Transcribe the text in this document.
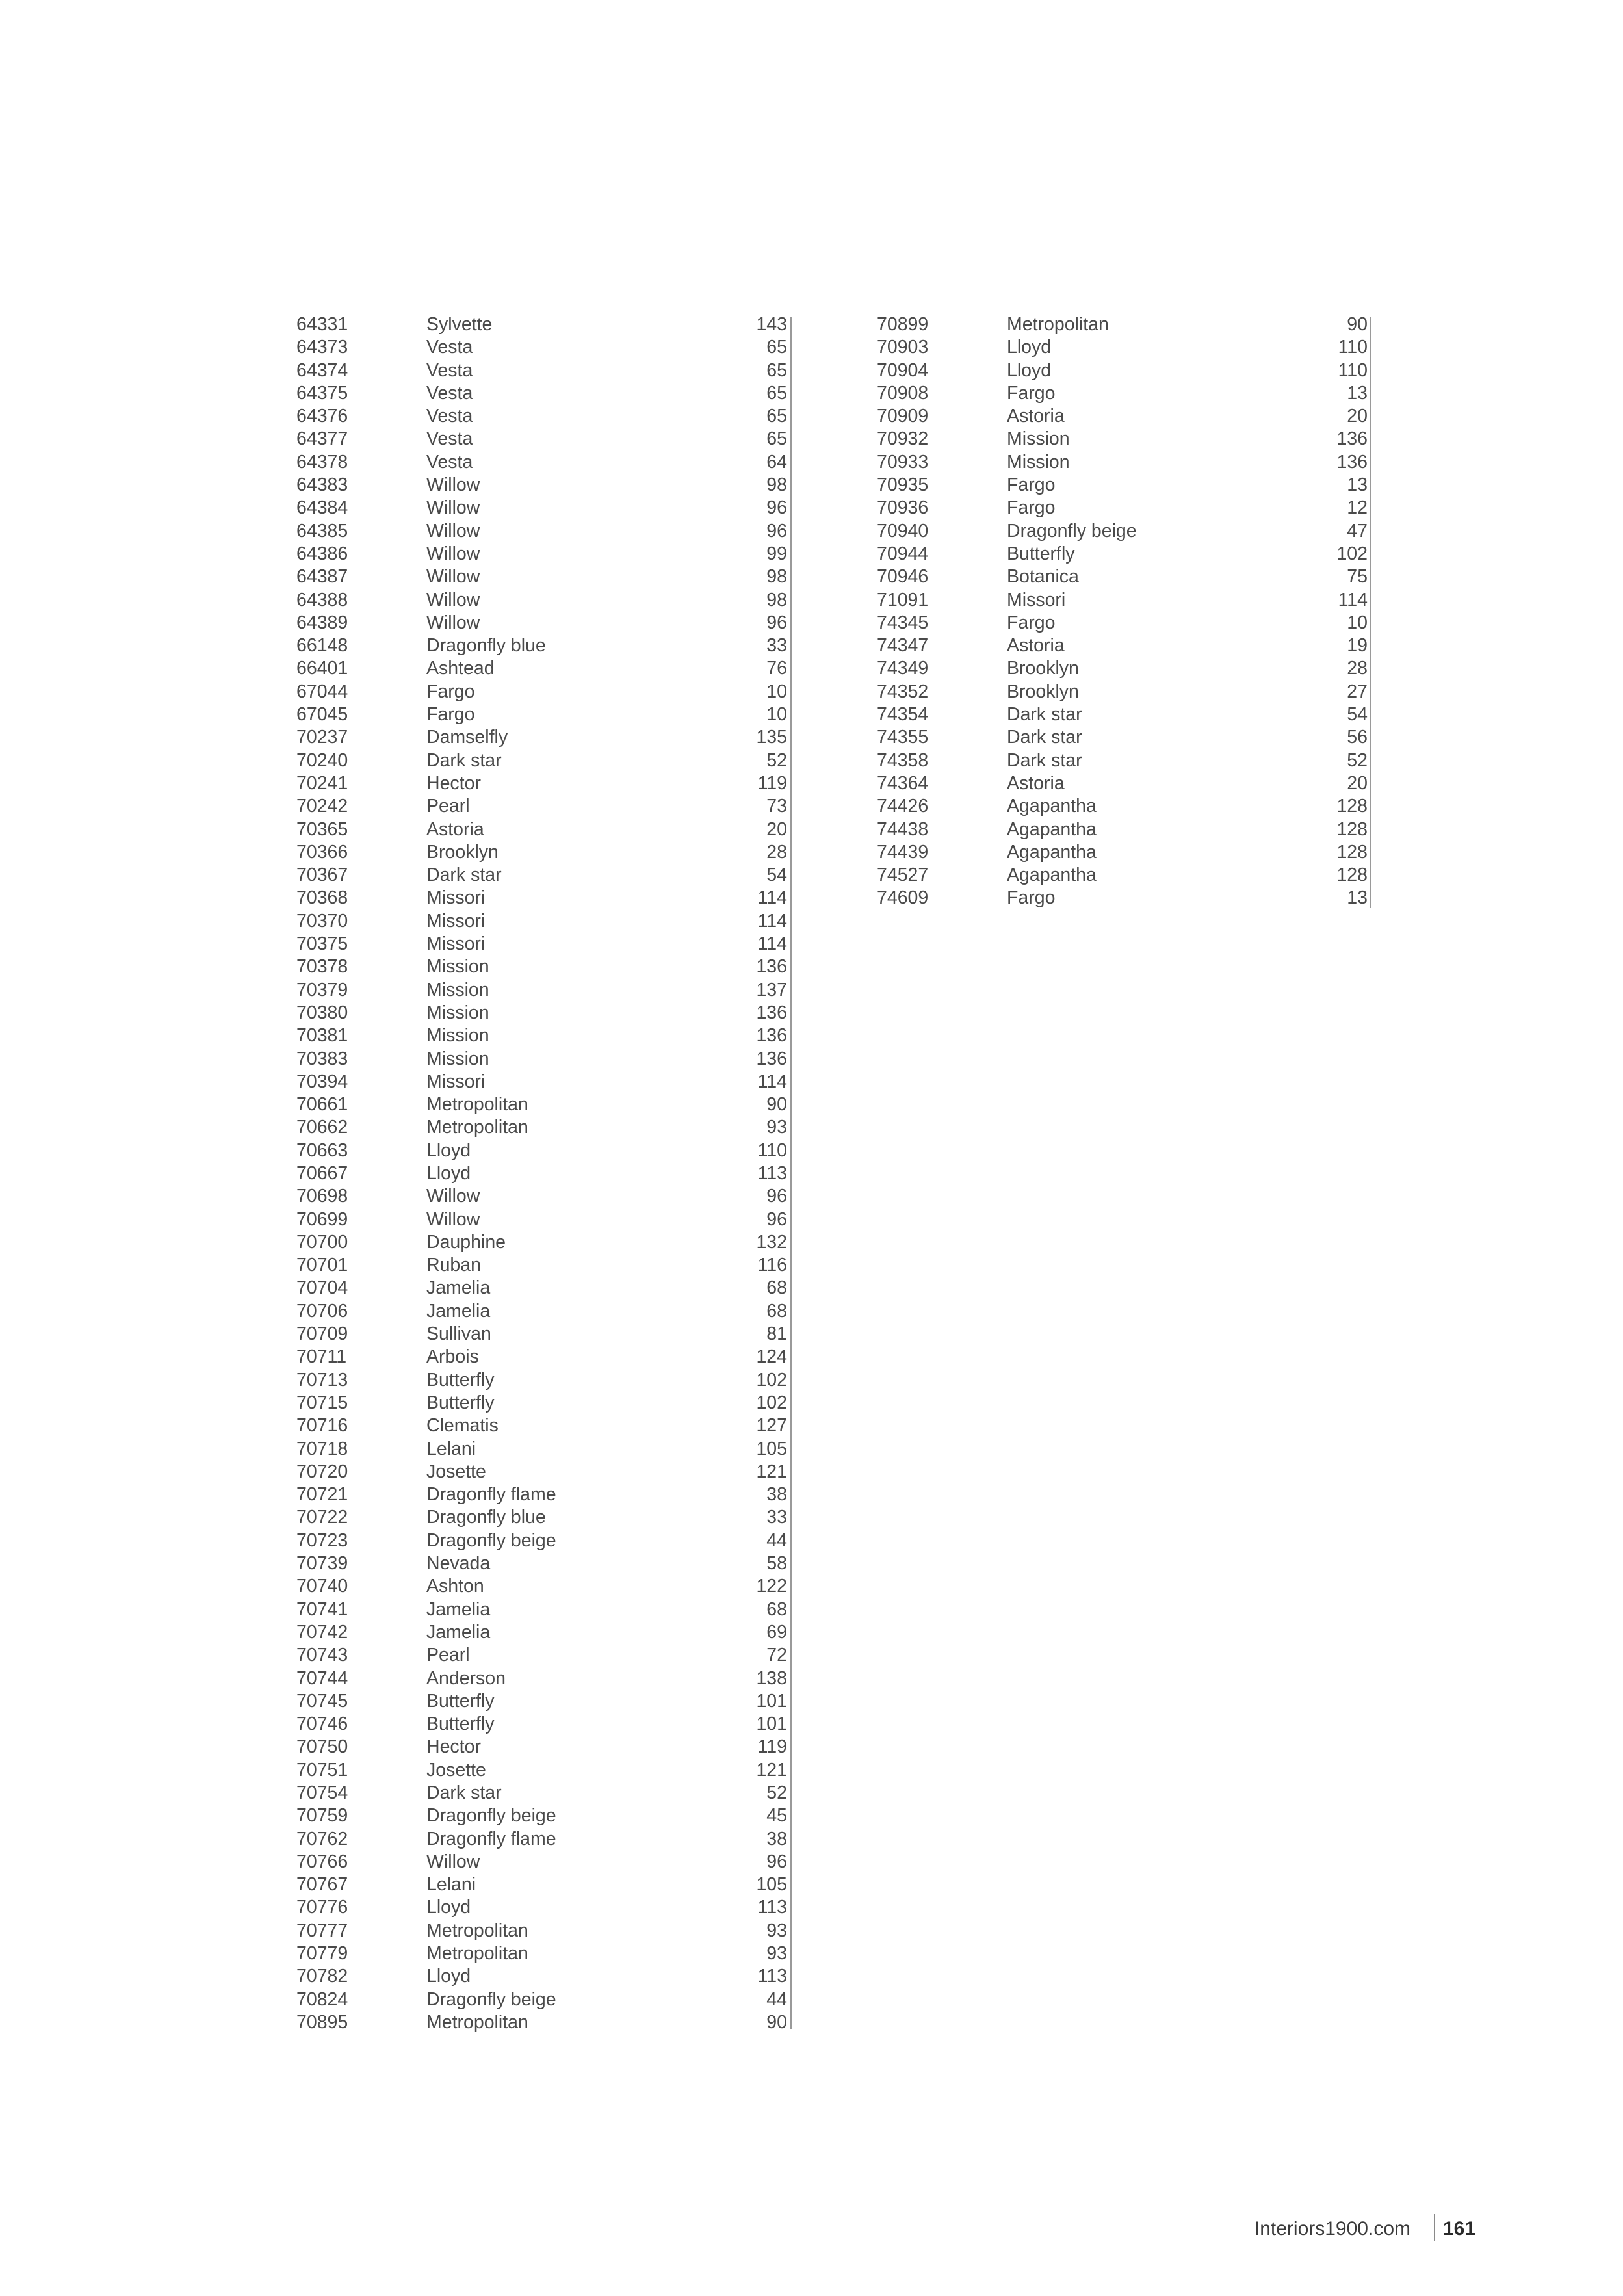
64331	Sylvette		143
64373	Vesta		65
64374	Vesta		65
64375	Vesta		65
64376	Vesta		65
64377	Vesta		65
64378	Vesta		64
64383	Willow		98
64384	Willow		96
64385	Willow		96
64386	Willow		99
64387	Willow		98
64388	Willow		98
64389	Willow		96
66148	Dragonfly blue		33
66401	Ashtead		76
67044	Fargo		10
67045	Fargo		10
70237	Damselfly		135
70240	Dark star		52
70241	Hector		119
70242	Pearl		73
70365	Astoria		20
70366	Brooklyn		28
70367	Dark star		54
70368	Missori		114
70370	Missori		114
70375	Missori		114
70378	Mission		136
70379	Mission		137
70380	Mission		136
70381	Mission		136
70383	Mission		136
70394	Missori		114
70661	Metropolitan		90
70662	Metropolitan		93
70663	Lloyd		110
70667	Lloyd		113
70698	Willow		96
70699	Willow		96
70700	Dauphine		132
70701	Ruban		116
70704	Jamelia		68
70706	Jamelia		68
70709	Sullivan		81
70711	Arbois		124
70713	Butterfly		102
70715	Butterfly		102
70716	Clematis		127
70718	Lelani		105
70720	Josette		121
70721	Dragonfly flame		38
70722	Dragonfly blue		33
70723	Dragonfly beige		44
70739	Nevada		58
70740	Ashton		122
70741	Jamelia		68
70742	Jamelia		69
70743	Pearl		72
70744	Anderson		138
70745	Butterfly		101
70746	Butterfly		101
70750	Hector		119
70751	Josette		121
70754	Dark star		52
70759	Dragonfly beige		45
70762	Dragonfly flame		38
70766	Willow		96
70767	Lelani		105
70776	Lloyd		113
70777	Metropolitan		93
70779	Metropolitan		93
70782	Lloyd		113
70824	Dragonfly beige		44
70895	Metropolitan		90
70899	Metropolitan		90
70903	Lloyd		110
70904	Lloyd		110
70908	Fargo		13
70909	Astoria		20
70932	Mission		136
70933	Mission		136
70935	Fargo		13
70936	Fargo		12
70940	Dragonfly beige		47
70944	Butterfly		102
70946	Botanica		75
71091	Missori		114
74345	Fargo		10
74347	Astoria		19
74349	Brooklyn		28
74352	Brooklyn		27
74354	Dark star		54
74355	Dark star		56
74358	Dark star		52
74364	Astoria		20
74426	Agapantha		128
74438	Agapantha		128
74439	Agapantha		128
74527	Agapantha		128
74609	Fargo		13
Interiors1900.com 161
